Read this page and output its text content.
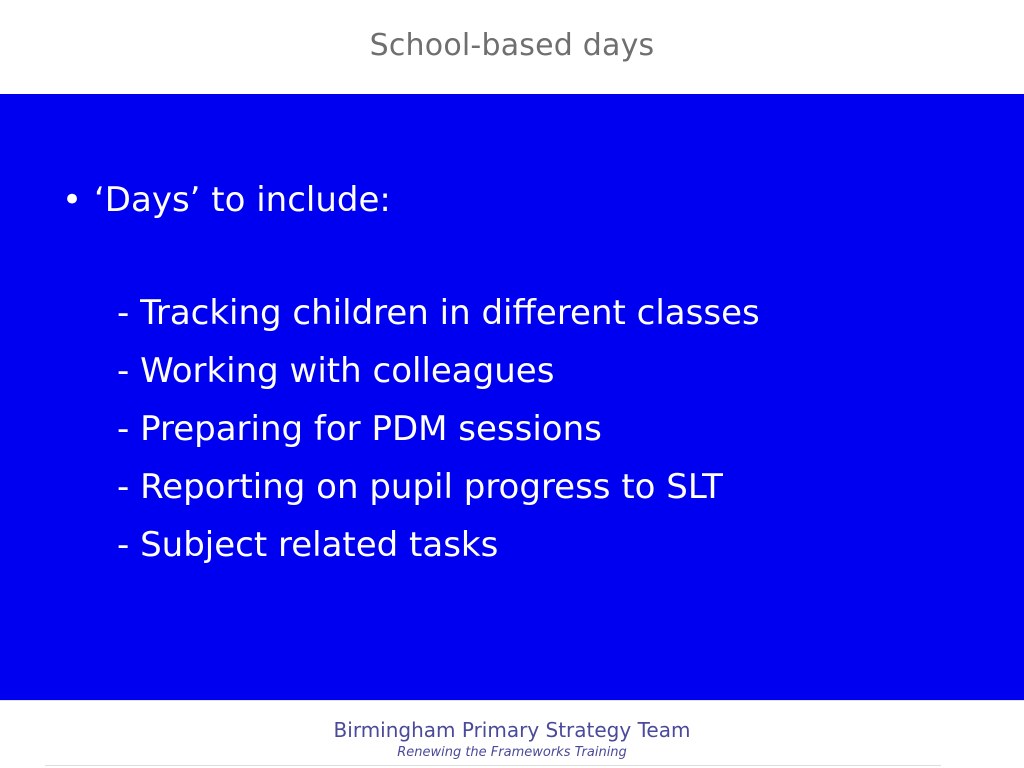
School-based days
• ‘Days’ to include:
- Tracking children in different classes
- Working with colleagues
- Preparing for PDM sessions
- Reporting on pupil progress to SLT
- Subject related tasks
Birmingham Primary Strategy Team
Renewing the Frameworks Training
